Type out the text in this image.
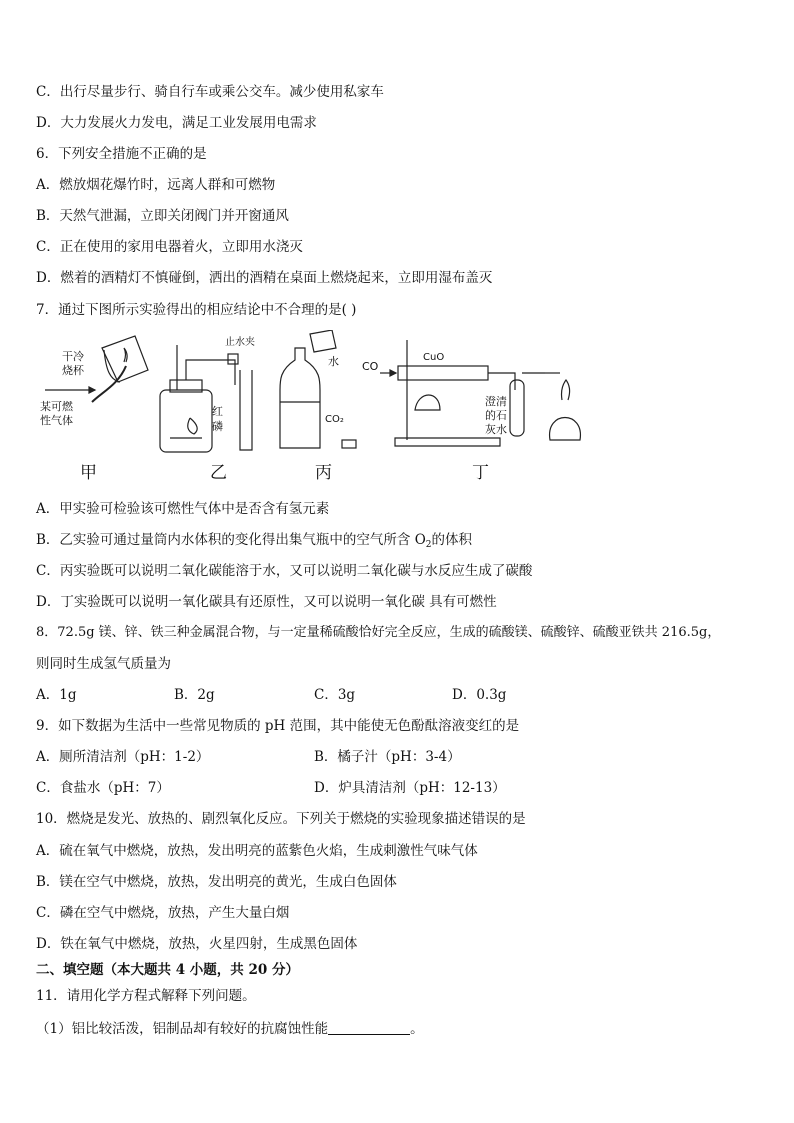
C．出行尽量步行、骑自行车或乘公交车。减少使用私家车
D．大力发展火力发电，满足工业发展用电需求
6．下列安全措施不正确的是
A．燃放烟花爆竹时，远离人群和可燃物
B．天然气泄漏，立即关闭阀门并开窗通风
C．正在使用的家用电器着火，立即用水浇灭
D．燃着的酒精灯不慎碰倒，洒出的酒精在桌面上燃烧起来，立即用湿布盖灭
7．通过下图所示实验得出的相应结论中不合理的是( )
干冷
烧杯
某可燃
性气体
甲
止水夹
红
磷
乙
水
CO₂
丙
CO
CuO
澄清
的石
灰水
丁
A．甲实验可检验该可燃性气体中是否含有氢元素
B．乙实验可通过量筒内水体积的变化得出集气瓶中的空气所含 $O_2$的体积
C．丙实验既可以说明二氧化碳能溶于水，又可以说明二氧化碳与水反应生成了碳酸
D．丁实验既可以说明一氧化碳具有还原性，又可以说明一氧化碳 具有可燃性
8．72.5g 镁、锌、铁三种金属混合物，与一定量稀硫酸恰好完全反应，生成的硫酸镁、硫酸锌、硫酸亚铁共 216.5g，
则同时生成氢气质量为
A．1g	B．2g	C．3g	D．0.3g
9．如下数据为生活中一些常见物质的 pH 范围，其中能使无色酚酞溶液变红的是
A．厕所清洁剂（pH：1-2）	B．橘子汁（pH：3-4）
C．食盐水（pH：7）	D．炉具清洁剂（pH：12-13）
10．燃烧是发光、放热的、剧烈氧化反应。下列关于燃烧的实验现象描述错误的是
A．硫在氧气中燃烧，放热，发出明亮的蓝紫色火焰，生成刺激性气味气体
B．镁在空气中燃烧，放热，发出明亮的黄光，生成白色固体
C．磷在空气中燃烧，放热，产生大量白烟
D．铁在氧气中燃烧，放热，火星四射，生成黑色固体
二、填空题（本大题共 4 小题，共 20 分）
11．请用化学方程式解释下列问题。
（1）铝比较活泼，铝制品却有较好的抗腐蚀性能	。
